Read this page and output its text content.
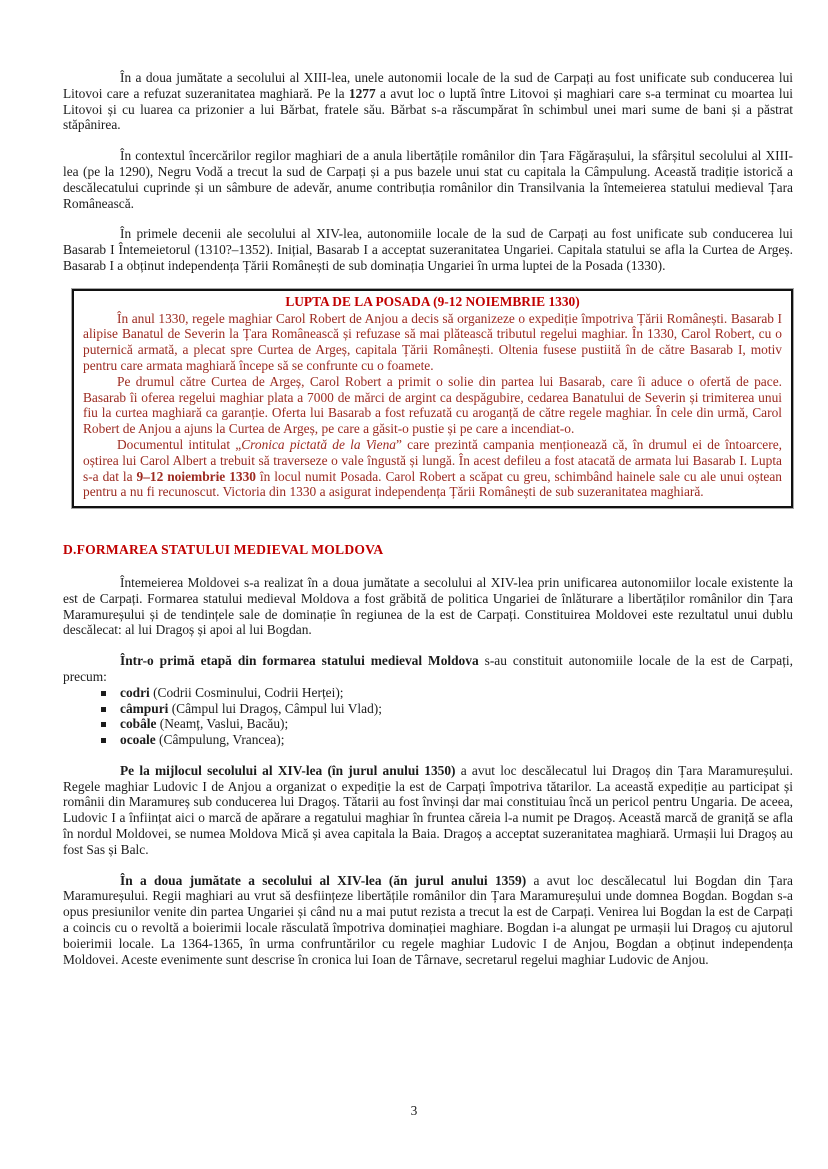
În a doua jumătate a secolului al XIII-lea, unele autonomii locale de la sud de Carpați au fost unificate sub conducerea lui Litovoi care a refuzat suzeranitatea maghiară. Pe la 1277 a avut loc o luptă între Litovoi și maghiari care s-a terminat cu moartea lui Litovoi și cu luarea ca prizonier a lui Bărbat, fratele său. Bărbat s-a răscumpărat în schimbul unei mari sume de bani și a păstrat stăpânirea.

În contextul încercărilor regilor maghiari de a anula libertățile românilor din Țara Făgărașului, la sfârșitul secolului al XIII-lea (pe la 1290), Negru Vodă a trecut la sud de Carpați și a pus bazele unui stat cu capitala la Câmpulung. Această tradiție istorică a descălecatului cuprinde și un sâmbure de adevăr, anume contribuția românilor din Transilvania la întemeierea statului medieval Țara Românească.

În primele decenii ale secolului al XIV-lea, autonomiile locale de la sud de Carpați au fost unificate sub conducerea lui Basarab I Întemeietorul (1310?–1352). Inițial, Basarab I a acceptat suzeranitatea Ungariei. Capitala statului se afla la Curtea de Argeș. Basarab I a obținut independența Țării Românești de sub dominația Ungariei în urma luptei de la Posada (1330).

LUPTA DE LA POSADA (9-12 NOIEMBRIE 1330)

În anul 1330, regele maghiar Carol Robert de Anjou a decis să organizeze o expediție împotriva Țării Românești. Basarab I alipise Banatul de Severin la Țara Românească și refuzase să mai plătească tributul regelui maghiar. În 1330, Carol Robert, cu o puternică armată, a plecat spre Curtea de Argeș, capitala Țării Românești. Oltenia fusese pustiită în de către Basarab I, motiv pentru care armata maghiară începe să se confrunte cu o foamete.

Pe drumul către Curtea de Argeș, Carol Robert a primit o solie din partea lui Basarab, care îi aduce o ofertă de pace. Basarab îi oferea regelui maghiar plata a 7000 de mărci de argint ca despăgubire, cedarea Banatului de Severin și trimiterea unui fiu la curtea maghiară ca garanție. Oferta lui Basarab a fost refuzată cu aroganță de către regele maghiar. În cele din urmă, Carol Robert de Anjou a ajuns la Curtea de Argeș, pe care a găsit-o pustie și pe care a incendiat-o.

Documentul intitulat „Cronica pictată de la Viena” care prezintă campania menționează că, în drumul ei de întoarcere, oștirea lui Carol Albert a trebuit să traverseze o vale îngustă și lungă. În acest defileu a fost atacată de armata lui Basarab I. Lupta s-a dat la 9–12 noiembrie 1330 în locul numit Posada. Carol Robert a scăpat cu greu, schimbând hainele sale cu ale unui oștean pentru a nu fi recunoscut. Victoria din 1330 a asigurat independența Țării Românești de sub suzeranitatea maghiară.

D.FORMAREA STATULUI MEDIEVAL MOLDOVA

Întemeierea Moldovei s-a realizat în a doua jumătate a secolului al XIV-lea prin unificarea autonomiilor locale existente la est de Carpați. Formarea statului medieval Moldova a fost grăbită de politica Ungariei de înlăturare a libertăților românilor din Țara Maramureșului și de tendințele sale de dominație în regiunea de la est de Carpați. Constituirea Moldovei este rezultatul unui dublu descălecat: al lui Dragoș și apoi al lui Bogdan.

Într-o primă etapă din formarea statului medieval Moldova s-au constituit autonomiile locale de la est de Carpați, precum:

codri (Codrii Cosminului, Codrii Herței);
câmpuri (Câmpul lui Dragoș, Câmpul lui Vlad);
cobâle (Neamț, Vaslui, Bacău);
ocoale (Câmpulung, Vrancea);

Pe la mijlocul secolului al XIV-lea (în jurul anului 1350) a avut loc descălecatul lui Dragoș din Țara Maramureșului. Regele maghiar Ludovic I de Anjou a organizat o expediție la est de Carpați împotriva tătarilor. La această expediție au participat și românii din Maramureș sub conducerea lui Dragoș. Tătarii au fost învinși dar mai constituiau încă un pericol pentru Ungaria. De aceea, Ludovic I a înființat aici o marcă de apărare a regatului maghiar în fruntea căreia l-a numit pe Dragoș. Această marcă de graniță se afla în nordul Moldovei, se numea Moldova Mică și avea capitala la Baia. Dragoș a acceptat suzeranitatea maghiară. Urmașii lui Dragoș au fost Sas și Balc.

În a doua jumătate a secolului al XIV-lea (ăn jurul anului 1359) a avut loc descălecatul lui Bogdan din Țara Maramureșului. Regii maghiari au vrut să desființeze libertățile românilor din Țara Maramureșului unde domnea Bogdan. Bogdan s-a opus presiunilor venite din partea Ungariei și când nu a mai putut rezista a trecut la est de Carpați. Venirea lui Bogdan la est de Carpați a coincis cu o revoltă a boierimii locale răsculată împotriva dominației maghiare. Bogdan i-a alungat pe urmașii lui Dragoș cu ajutorul boierimii locale. La 1364-1365, în urma confruntărilor cu regele maghiar Ludovic I de Anjou, Bogdan a obținut independența Moldovei. Aceste evenimente sunt descrise în cronica lui Ioan de Târnave, secretarul regelui maghiar Ludovic de Anjou.

3
